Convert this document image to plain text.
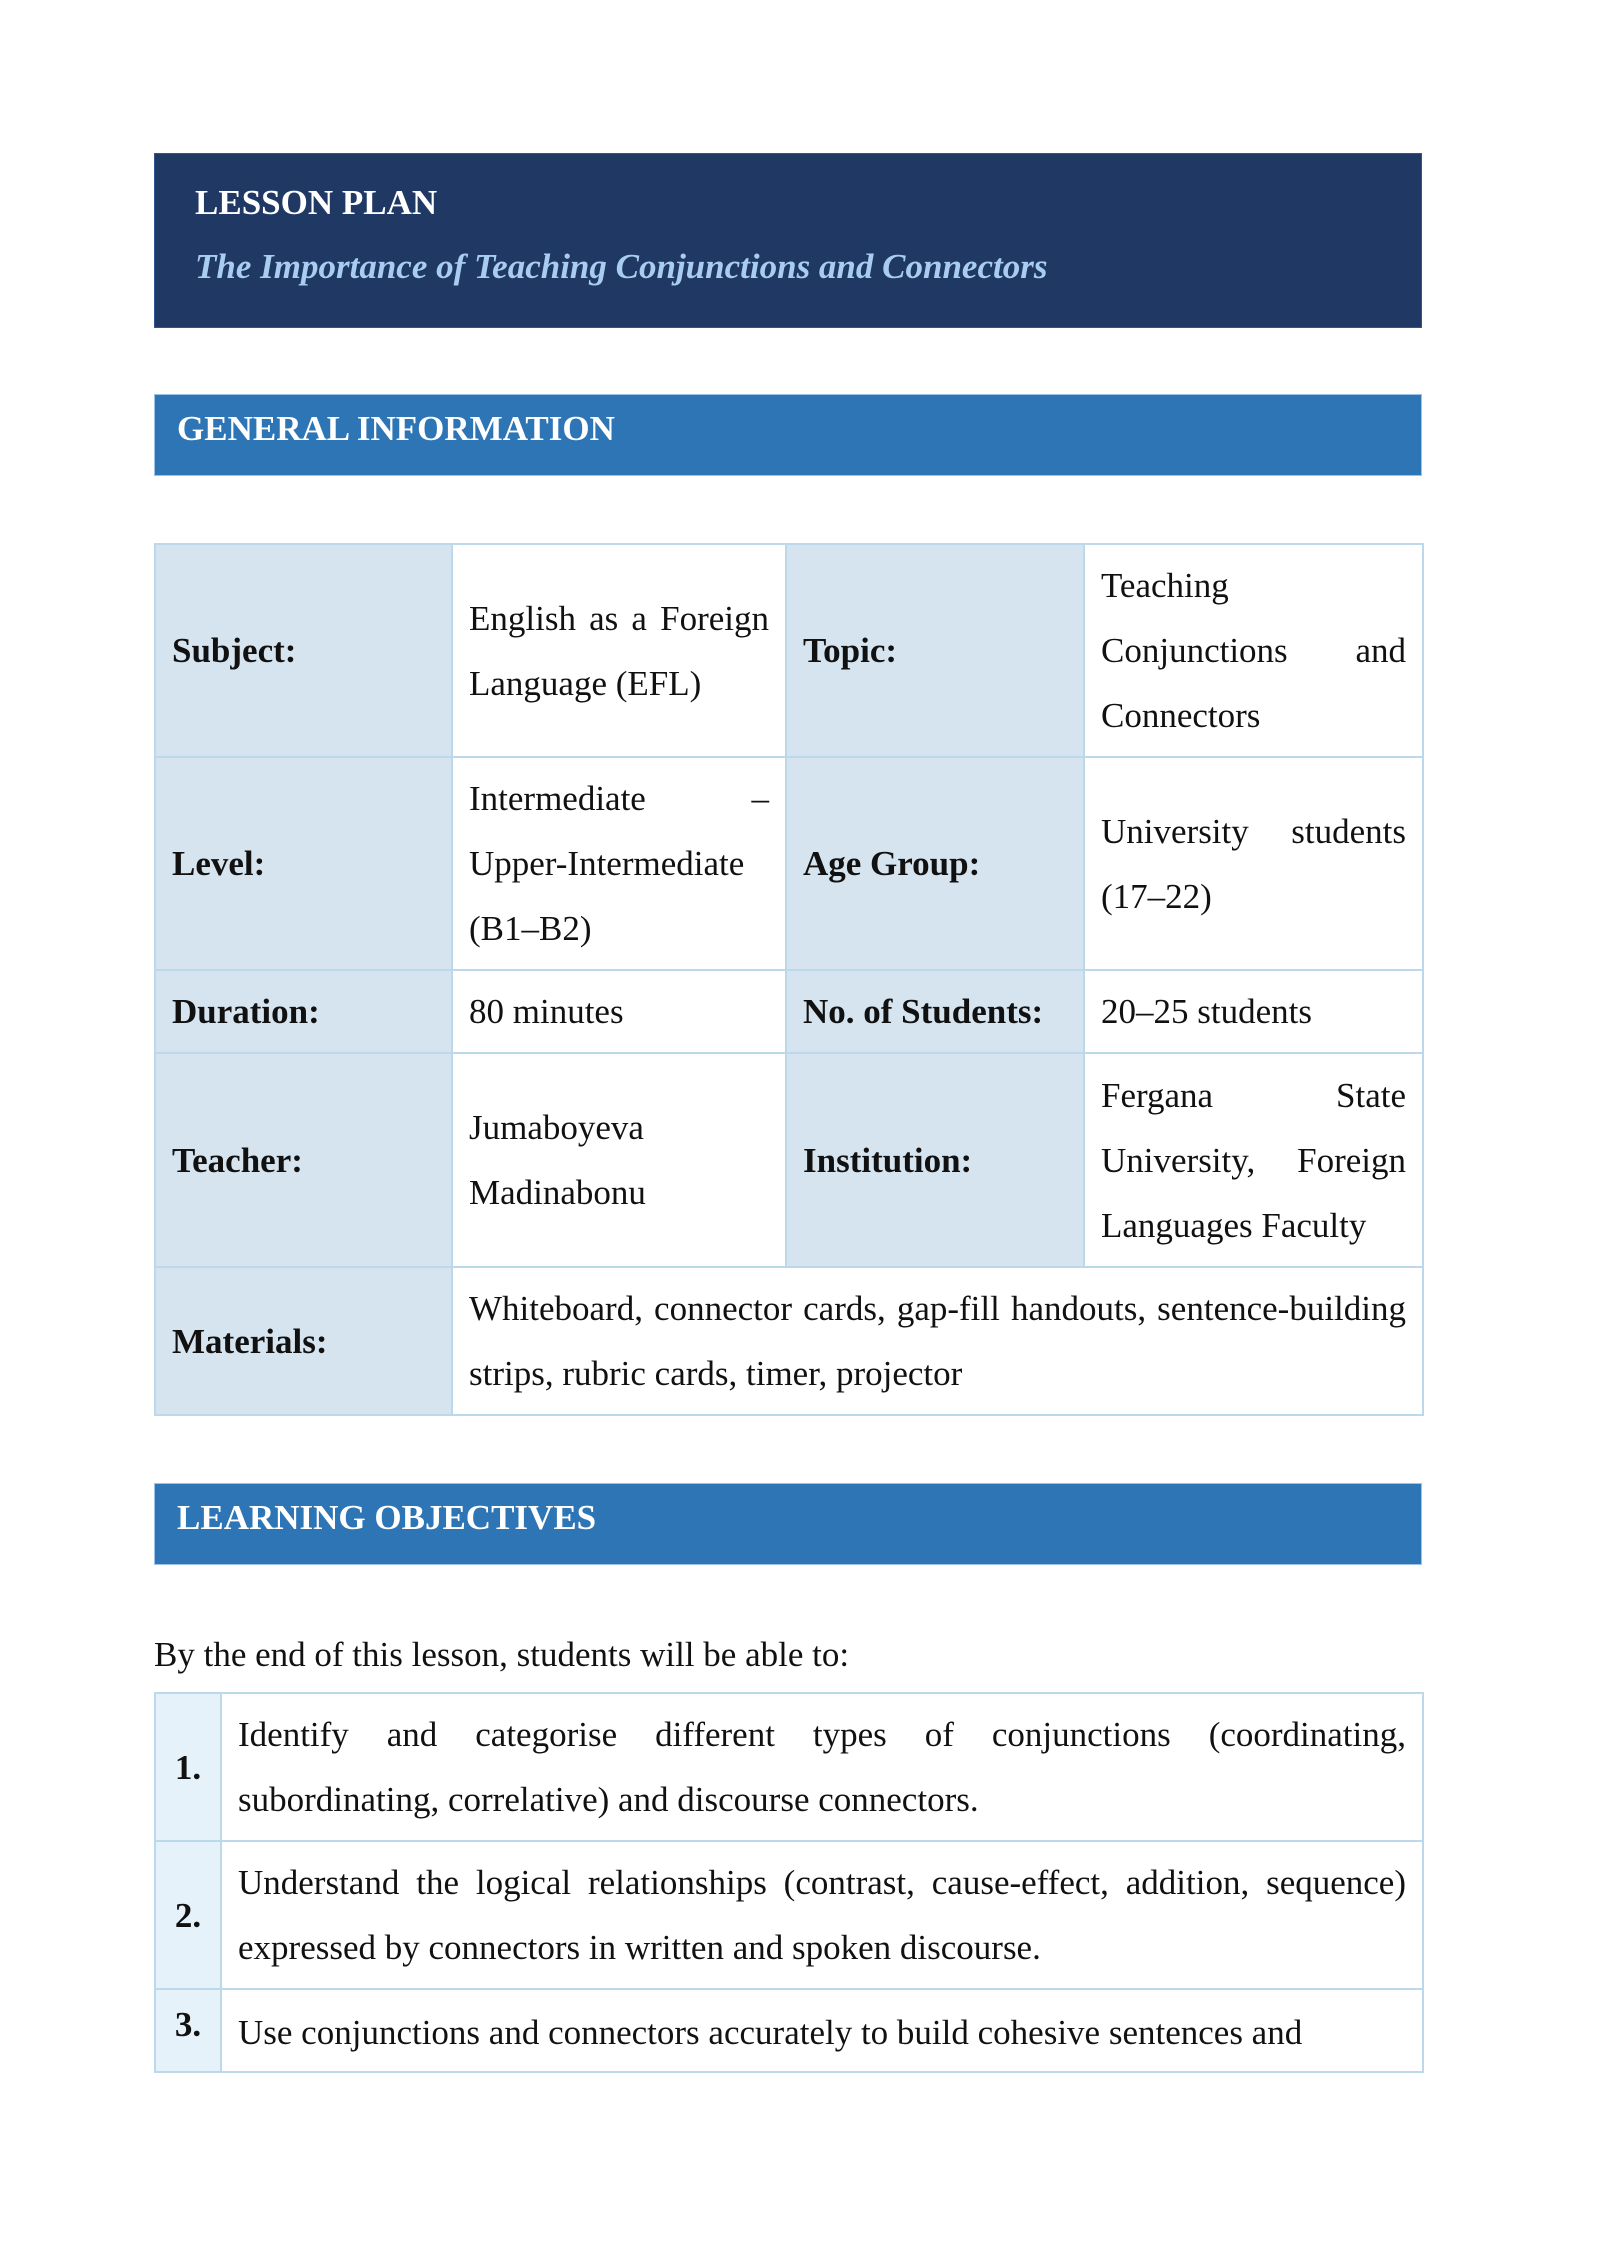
LESSON PLAN
The Importance of Teaching Conjunctions and Connectors
GENERAL INFORMATION
Subject:	English as a Foreign Language (EFL)	Topic:	Teaching Conjunctions and Connectors
Level:	Intermediate – Upper-Intermediate (B1–B2)	Age Group:	University students (17–22)
Duration:	80 minutes	No. of Students:	20–25 students
Teacher:	Jumaboyeva Madinabonu	Institution:	Fergana State University, Foreign Languages Faculty
Materials:	Whiteboard, connector cards, gap-fill handouts, sentence-building strips, rubric cards, timer, projector		
LEARNING OBJECTIVES
By the end of this lesson, students will be able to:
1.	Identify and categorise different types of conjunctions (coordinating, subordinating, correlative) and discourse connectors.
2.	Understand the logical relationships (contrast, cause-effect, addition, sequence) expressed by connectors in written and spoken discourse.
3.	Use conjunctions and connectors accurately to build cohesive sentences and
